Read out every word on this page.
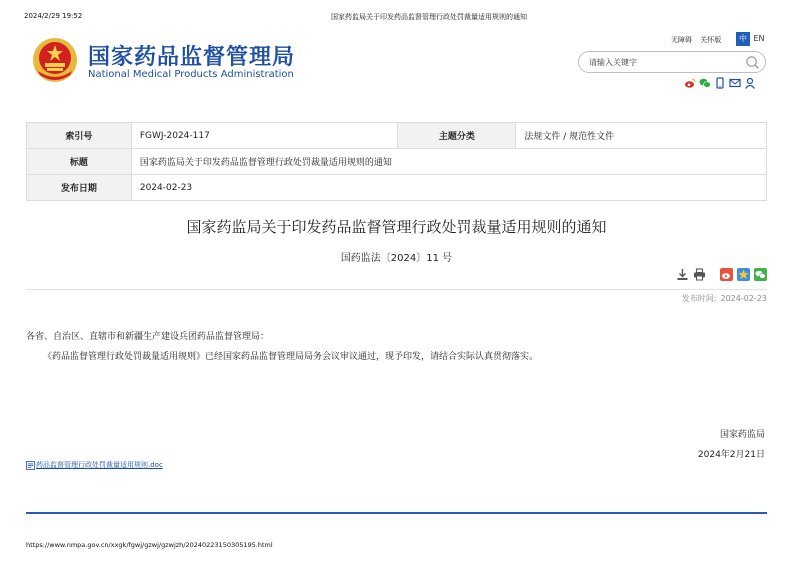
2024/2/29 19:52	国家药监局关于印发药品监督管理行政处罚裁量适用规则的通知
国家药品监督管理局
National Medical Products Administration
无障碍 关怀版	中 EN
请输入关键字
索引号	FGWJ-2024-117	主题分类	法规文件 / 规范性文件
标题	国家药监局关于印发药品监督管理行政处罚裁量适用规则的通知		
发布日期	2024-02-23		
国家药监局关于印发药品监督管理行政处罚裁量适用规则的通知
国药监法〔2024〕11 号
发布时间: 2024-02-23
各省、自治区、直辖市和新疆生产建设兵团药品监督管理局：
《药品监督管理行政处罚裁量适用规则》已经国家药品监督管理局局务会议审议通过，现予印发，请结合实际认真贯彻落实。
国家药监局
2024年2月21日
药品监督管理行政处罚裁量适用规则.doc
https://www.nmpa.gov.cn/xxgk/fgwj/gzwj/gzwjzh/20240223150305195.html
